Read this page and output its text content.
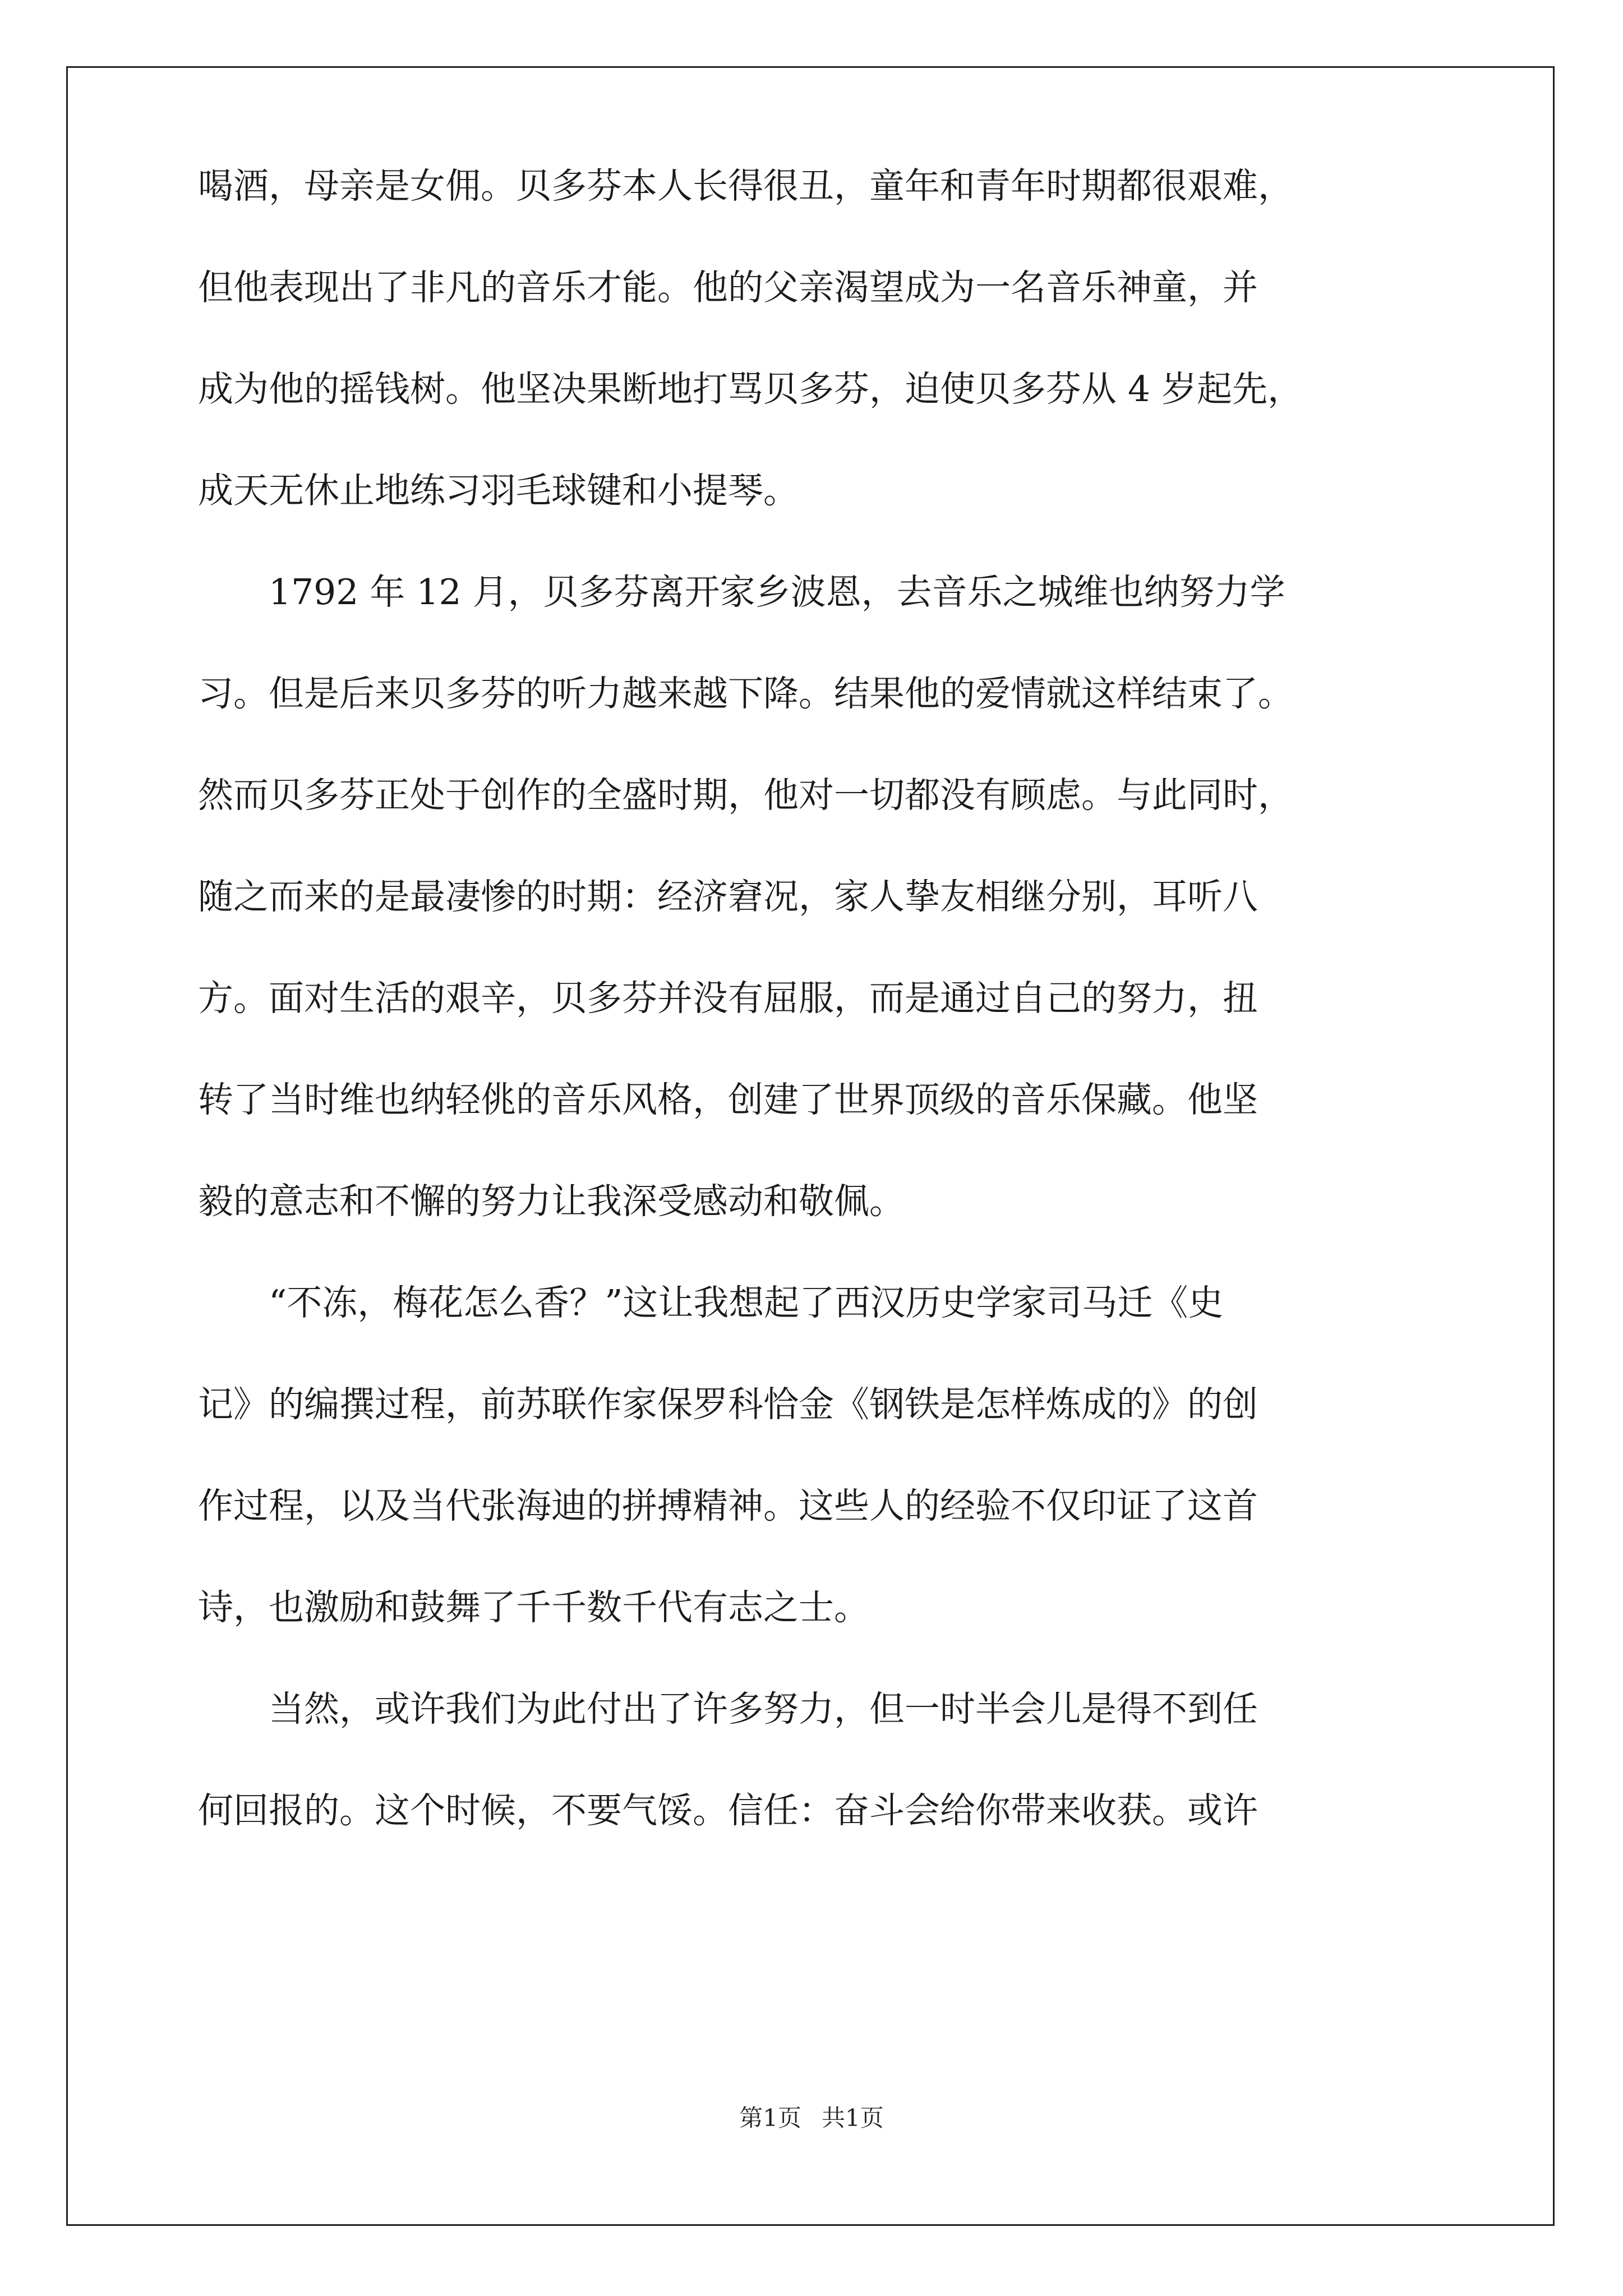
喝酒，母亲是女佣。贝多芬本人长得很丑，童年和青年时期都很艰难，
但他表现出了非凡的音乐才能。他的父亲渴望成为一名音乐神童，并
成为他的摇钱树。他坚决果断地打骂贝多芬，迫使贝多芬从 4 岁起先，
成天无休止地练习羽毛球键和小提琴。
　　1792 年 12 月，贝多芬离开家乡波恩，去音乐之城维也纳努力学
习。但是后来贝多芬的听力越来越下降。结果他的爱情就这样结束了。
然而贝多芬正处于创作的全盛时期，他对一切都没有顾虑。与此同时，
随之而来的是最凄惨的时期：经济窘况，家人挚友相继分别，耳听八
方。面对生活的艰辛，贝多芬并没有屈服，而是通过自己的努力，扭
转了当时维也纳轻佻的音乐风格，创建了世界顶级的音乐保藏。他坚
毅的意志和不懈的努力让我深受感动和敬佩。
　　“不冻，梅花怎么香？”这让我想起了西汉历史学家司马迁《史
记》的编撰过程，前苏联作家保罗科恰金《钢铁是怎样炼成的》的创
作过程，以及当代张海迪的拼搏精神。这些人的经验不仅印证了这首
诗，也激励和鼓舞了千千数千代有志之士。
　　当然，或许我们为此付出了许多努力，但一时半会儿是得不到任
何回报的。这个时候，不要气馁。信任：奋斗会给你带来收获。或许
第1页 共1页
